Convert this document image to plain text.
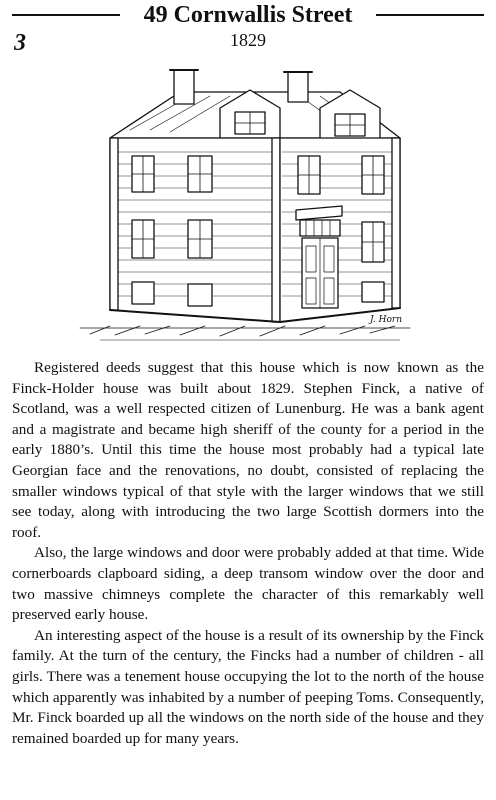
49 Cornwallis Street
1829
3
J. Horn

Registered deeds suggest that this house which is now known as the Finck-Holder house was built about 1829. Stephen Finck, a native of Scotland, was a well respected citizen of Lunenburg. He was a bank agent and a magistrate and became high sheriff of the county for a period in the early 1880’s. Until this time the house most probably had a typical late Georgian face and the renovations, no doubt, consisted of replacing the smaller windows typical of that style with the larger windows that we still see today, along with introducing the two large Scottish dormers into the roof.

Also, the large windows and door were probably added at that time. Wide cornerboards clapboard siding, a deep transom window over the door and two massive chimneys complete the character of this remarkably well preserved early house.

An interesting aspect of the house is a result of its ownership by the Finck family. At the turn of the century, the Fincks had a number of children - all girls. There was a tenement house occupying the lot to the north of the house which apparently was inhabited by a number of peeping Toms. Consequently, Mr. Finck boarded up all the windows on the north side of the house and they remained boarded up for many years.
